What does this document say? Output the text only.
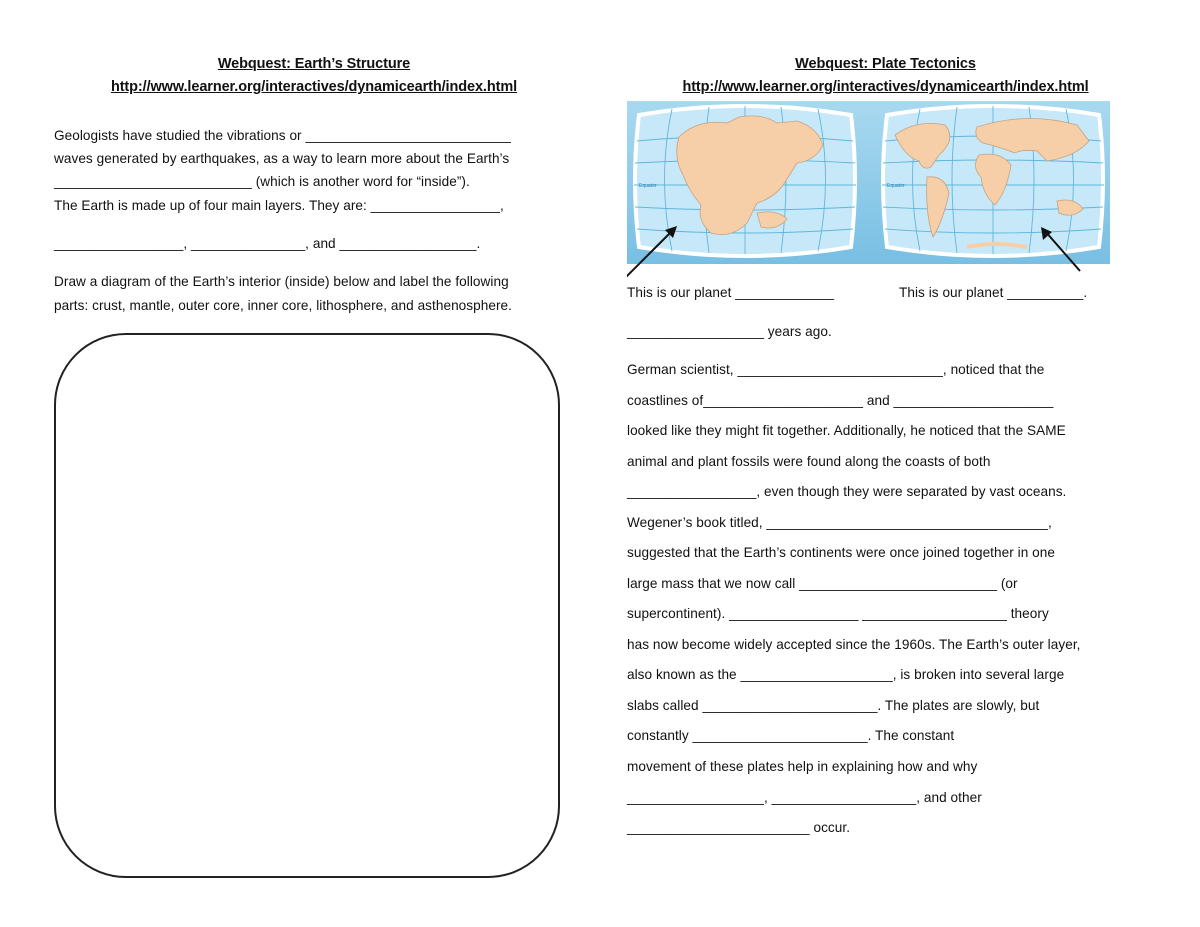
Webquest: Earth’s Structure
http://www.learner.org/interactives/dynamicearth/index.html
Geologists have studied the vibrations or ___________________________
waves generated by earthquakes, as a way to learn more about the Earth’s
__________________________ (which is another word for “inside”).
The Earth is made up of four main layers. They are: _________________,
_________________, _______________, and __________________.
Draw a diagram of the Earth’s interior (inside) below and label the following
parts: crust, mantle, outer core, inner core, lithosphere, and asthenosphere.
Webquest: Plate Tectonics
http://www.learner.org/interactives/dynamicearth/index.html
Equator	Equator
This is our planet _____________	This is our planet __________.
__________________ years ago.
German scientist, ___________________________, noticed that the
coastlines of_____________________ and _____________________
looked like they might fit together. Additionally, he noticed that the SAME
animal and plant fossils were found along the coasts of both
_________________, even though they were separated by vast oceans.
Wegener’s book titled, _____________________________________,
suggested that the Earth’s continents were once joined together in one
large mass that we now call __________________________ (or
supercontinent). _________________ ___________________ theory
has now become widely accepted since the 1960s. The Earth’s outer layer,
also known as the ____________________, is broken into several large
slabs called _______________________. The plates are slowly, but
constantly _______________________. The constant
movement of these plates help in explaining how and why
__________________, ___________________, and other
________________________ occur.
